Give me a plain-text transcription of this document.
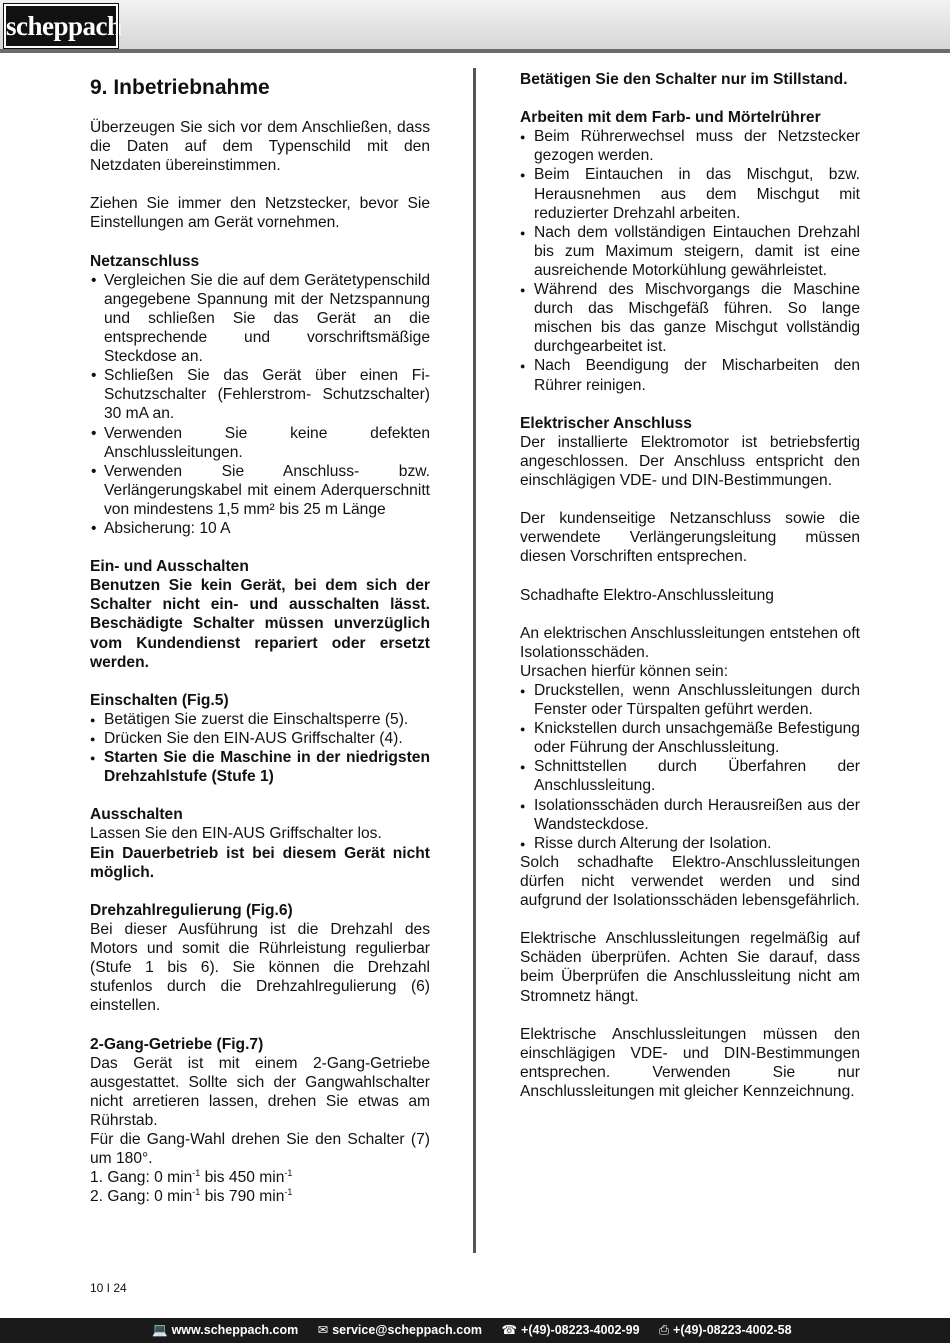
scheppach
9. Inbetriebnahme
Überzeugen Sie sich vor dem Anschließen, dass die Daten auf dem Typenschild mit den Netzdaten übereinstimmen.
Ziehen Sie immer den Netzstecker, bevor Sie Einstellungen am Gerät vornehmen.
Netzanschluss
• Vergleichen Sie die auf dem Gerätetypenschild angegebene Spannung mit der Netzspannung und schließen Sie das Gerät an die entsprechende und vorschriftsmäßige Steckdose an.
• Schließen Sie das Gerät über einen Fi-Schutzschalter (Fehlerstrom- Schutzschalter) 30 mA an.
• Verwenden Sie keine defekten Anschlussleitungen.
• Verwenden Sie Anschluss- bzw. Verlängerungskabel mit einem Aderquerschnitt von mindestens 1,5 mm² bis 25 m Länge
• Absicherung: 10 A
Ein- und Ausschalten
Benutzen Sie kein Gerät, bei dem sich der Schalter nicht ein- und ausschalten lässt. Beschädigte Schalter müssen unverzüglich vom Kundendienst repariert oder ersetzt werden.
Einschalten (Fig.5)
● Betätigen Sie zuerst die Einschaltsperre (5).
● Drücken Sie den EIN-AUS Griffschalter (4).
● Starten Sie die Maschine in der niedrigsten Drehzahlstufe (Stufe 1)
Ausschalten
Lassen Sie den EIN-AUS Griffschalter los.
Ein Dauerbetrieb ist bei diesem Gerät nicht möglich.
Drehzahlregulierung (Fig.6)
Bei dieser Ausführung ist die Drehzahl des Motors und somit die Rührleistung regulierbar (Stufe 1 bis 6). Sie können die Drehzahl stufenlos durch die Drehzahlregulierung (6) einstellen.
2-Gang-Getriebe (Fig.7)
Das Gerät ist mit einem 2-Gang-Getriebe ausgestattet. Sollte sich der Gangwahlschalter nicht arretieren lassen, drehen Sie etwas am Rührstab.
Für die Gang-Wahl drehen Sie den Schalter (7) um 180°.
1. Gang: 0 $\min^{-1}$ bis 450 $\min^{-1}$
2. Gang: 0 $\min^{-1}$ bis 790 $\min^{-1}$
Betätigen Sie den Schalter nur im Stillstand.
Arbeiten mit dem Farb- und Mörtelrührer
● Beim Rührerwechsel muss der Netzstecker gezogen werden.
● Beim Eintauchen in das Mischgut, bzw. Herausnehmen aus dem Mischgut mit reduzierter Drehzahl arbeiten.
● Nach dem vollständigen Eintauchen Drehzahl bis zum Maximum steigern, damit ist eine ausreichende Motorkühlung gewährleistet.
● Während des Mischvorgangs die Maschine durch das Mischgefäß führen. So lange mischen bis das ganze Mischgut vollständig durchgearbeitet ist.
● Nach Beendigung der Mischarbeiten den Rührer reinigen.
Elektrischer Anschluss
Der installierte Elektromotor ist betriebsfertig angeschlossen. Der Anschluss entspricht den einschlägigen VDE- und DIN-Bestimmungen.
Der kundenseitige Netzanschluss sowie die verwendete Verlängerungsleitung müssen diesen Vorschriften entsprechen.
Schadhafte Elektro-Anschlussleitung
An elektrischen Anschlussleitungen entstehen oft Isolationsschäden.
Ursachen hierfür können sein:
● Druckstellen, wenn Anschlussleitungen durch Fenster oder Türspalten geführt werden.
● Knickstellen durch unsachgemäße Befestigung oder Führung der Anschlussleitung.
● Schnittstellen durch Überfahren der Anschlussleitung.
● Isolationsschäden durch Herausreißen aus der Wandsteckdose.
● Risse durch Alterung der Isolation.
Solch schadhafte Elektro-Anschlussleitungen dürfen nicht verwendet werden und sind aufgrund der Isolationsschäden lebensgefährlich.
Elektrische Anschlussleitungen regelmäßig auf Schäden überprüfen. Achten Sie darauf, dass beim Überprüfen die Anschlussleitung nicht am Stromnetz hängt.
Elektrische Anschlussleitungen müssen den einschlägigen VDE- und DIN-Bestimmungen entsprechen. Verwenden Sie nur Anschlussleitungen mit gleicher Kennzeichnung.
10 I 24
💻 www.scheppach.com ✉ service@scheppach.com ☎ +(49)-08223-4002-99 ⎙ +(49)-08223-4002-58
